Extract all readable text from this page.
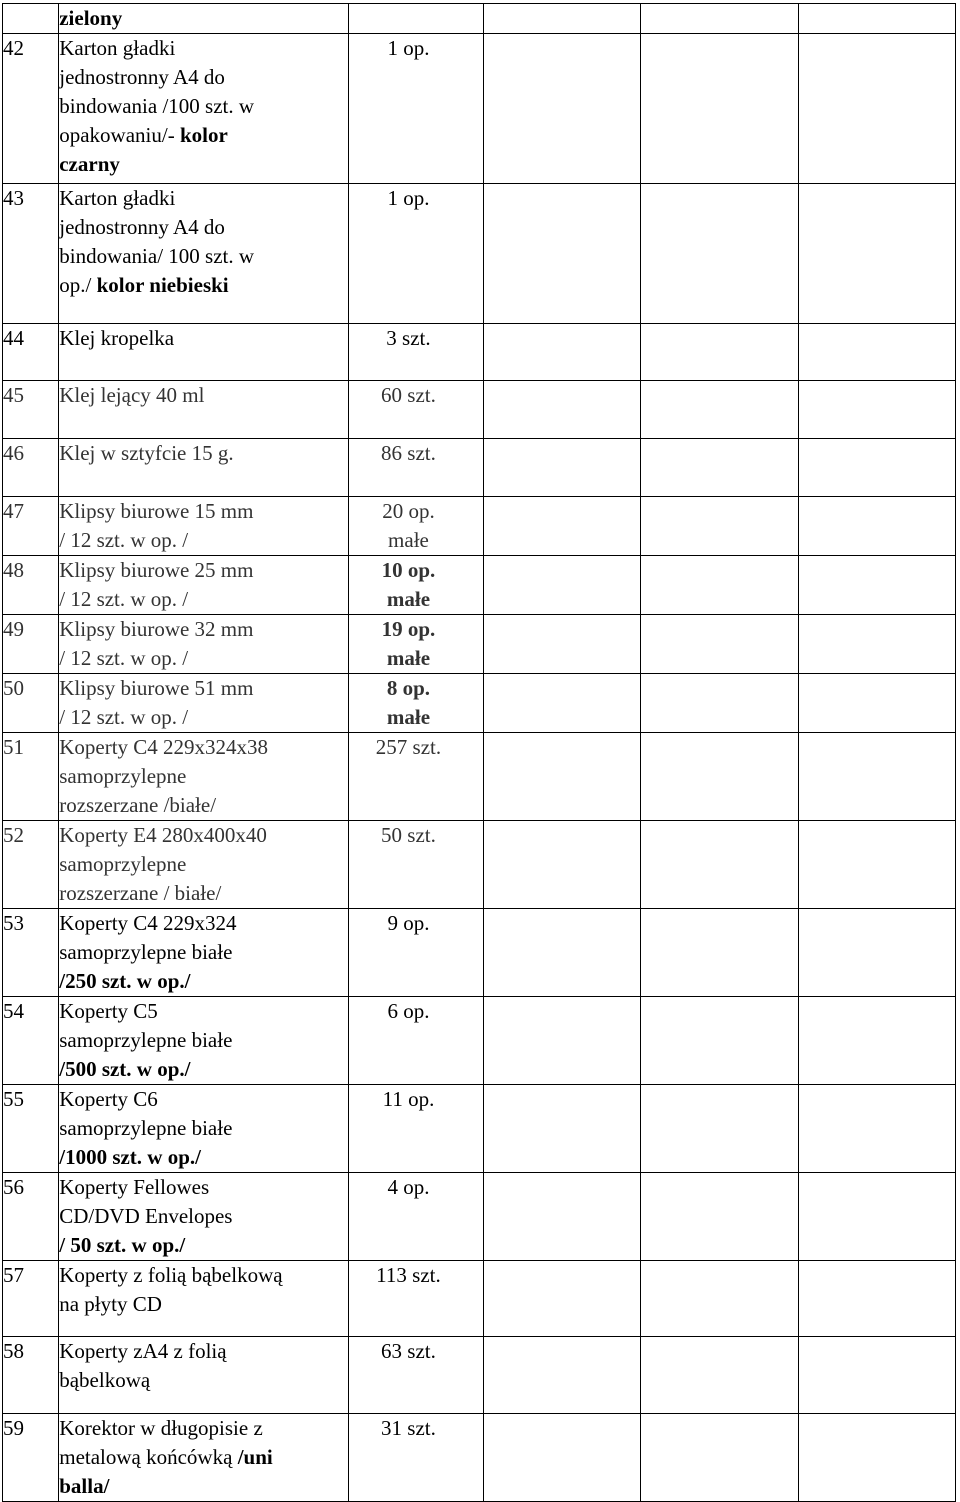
	zielony				

42	Karton gładki
jednostronny A4 do
bindowania /100 szt. w
opakowaniu/- kolor
czarny	1 op.			

43	Karton gładki
jednostronny A4 do
bindowania/ 100 szt. w
op./ kolor niebieski	1 op.			

44	Klej kropelka	3 szt.			

45	Klej lejący 40 ml	60 szt.			

46	Klej w sztyfcie 15 g.	86 szt.			

47	Klipsy biurowe 15 mm
/ 12 szt. w op. /	20 op.
małe			

48	Klipsy biurowe 25 mm
/ 12 szt. w op. /	10 op.
małe			

49	Klipsy biurowe 32 mm
/ 12 szt. w op. /	19 op.
małe			

50	Klipsy biurowe 51 mm
/ 12 szt. w op. /	8 op.
małe			

51	Koperty C4 229x324x38
samoprzylepne
rozszerzane /białe/	257 szt.			

52	Koperty E4 280x400x40
samoprzylepne
rozszerzane / białe/	50 szt.			

53	Koperty C4 229x324
samoprzylepne białe
/250 szt. w op./	9 op.			

54	Koperty C5
samoprzylepne białe
/500 szt. w op./	6 op.			

55	Koperty C6
samoprzylepne białe
/1000 szt. w op./	11 op.			

56	Koperty Fellowes
CD/DVD Envelopes
/ 50 szt. w op./	4 op.			

57	Koperty z folią bąbelkową
na płyty CD	113 szt.			

58	Koperty zA4 z folią
bąbelkową	63 szt.			

59	Korektor w długopisie z
metalową końcówką /uni
balla/	31 szt.			
